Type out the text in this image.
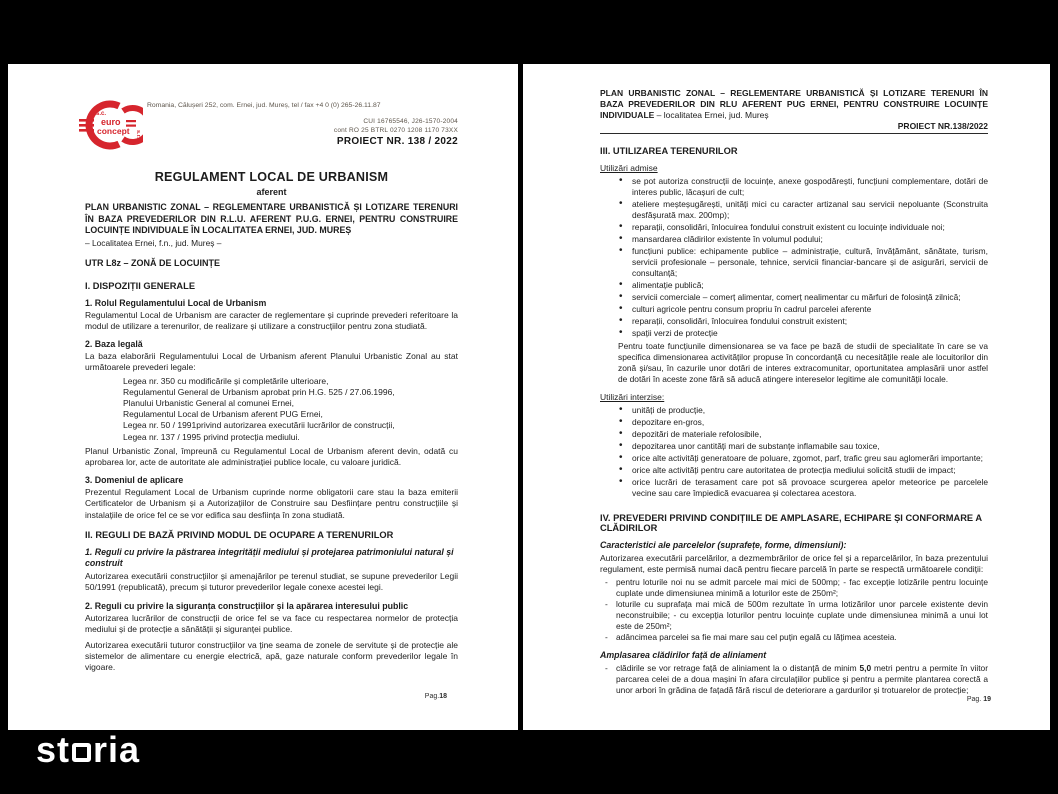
s.c.
euro
concept s.r.l.
Romania, Călușeri 252, com. Ernei, jud. Mureș, tel / fax +4 0 (0) 265-26.11.87
CUI 16765546, J26-1570-2004
cont RO 25 BTRL 0270 1208 1170 73XX
PROIECT NR. 138 / 2022
REGULAMENT LOCAL DE URBANISM
aferent

PLAN URBANISTIC ZONAL – REGLEMENTARE URBANISTICĂ ȘI LOTIZARE TERENURI ÎN BAZA PREVEDERILOR DIN R.L.U. AFERENT P.U.G. ERNEI, PENTRU CONSTRUIRE LOCUINȚE INDIVIDUALE ÎN LOCALITATEA ERNEI, JUD. MUREȘ

– Localitatea Ernei, f.n., jud. Mureș –
UTR L8z – ZONĂ DE LOCUINȚE
I. DISPOZIȚII GENERALE
1. Rolul Regulamentului Local de Urbanism

Regulamentul Local de Urbanism are caracter de reglementare și cuprinde prevederi referitoare la modul de utilizare a terenurilor, de realizare și utilizare a construcțiilor pentru zona studiată.

2. Baza legală

La baza elaborării Regulamentului Local de Urbanism aferent Planului Urbanistic Zonal au stat următoarele prevederi legale:

Legea nr. 350 cu modificările și completările ulterioare,
Regulamentul General de Urbanism aprobat prin H.G. 525 / 27.06.1996,
Planului Urbanistic General al comunei Ernei,
Regulamentul Local de Urbanism aferent PUG Ernei,
Legea nr. 50 / 1991privind autorizarea executării lucrărilor de construcții,
Legea nr. 137 / 1995 privind protecția mediului.

Planul Urbanistic Zonal, împreună cu Regulamentul Local de Urbanism aferent devin, odată cu aprobarea lor, acte de autoritate ale administrației publice locale, cu valoare juridică.

3. Domeniul de aplicare

Prezentul Regulament Local de Urbanism cuprinde norme obligatorii care stau la baza emiterii Certificatelor de Urbanism și a Autorizațiilor de Construire sau Desființare pentru construcțiile și instalațiile de orice fel ce se vor edifica sau desființa în zona studiată.

II. REGULI DE BAZĂ PRIVIND MODUL DE OCUPARE A TERENURILOR
1. Reguli cu privire la păstrarea integrității mediului și protejarea patrimoniului natural și construit

Autorizarea executării construcțiilor și amenajărilor pe terenul studiat, se supune prevederilor Legii 50/1991 (republicată), precum și tuturor prevederilor legale conexe acestei legi.

2. Reguli cu privire la siguranța construcțiilor și la apărarea interesului public

Autorizarea lucrărilor de construcții de orice fel se va face cu respectarea normelor de protecția mediului și de protecție a sănătății și siguranței publice.

Autorizarea executării tuturor construcțiilor va ține seama de zonele de servitute și de protecție ale sistemelor de alimentare cu energie electrică, apă, gaze naturale conform prevederilor legale în vigoare.

Pag.18

PLAN URBANISTIC ZONAL – REGLEMENTARE URBANISTICĂ ȘI LOTIZARE TERENURI ÎN BAZA PREVEDERILOR DIN RLU AFERENT PUG ERNEI, PENTRU CONSTRUIRE LOCUINȚE INDIVIDUALE – localitatea Ernei, jud. Mureș

PROIECT NR.138/2022
III. UTILIZAREA TERENURILOR
Utilizări admise
• se pot autoriza construcții de locuințe, anexe gospodărești, funcțiuni complementare, dotări de interes public, lăcașuri de cult;
• ateliere meșteșugărești, unități mici cu caracter artizanal sau servicii nepoluante (Sconstruita desfășurată max. 200mp);
• reparații, consolidări, înlocuirea fondului construit existent cu locuințe individuale noi;
• mansardarea clădirilor existente în volumul podului;
• funcțiuni publice: echipamente publice – administrație, cultură, învățământ, sănătate, turism, servicii profesionale – personale, tehnice, servicii financiar-bancare și de asigurări, servicii de consultanță;
• alimentație publică;
• servicii comerciale – comerț alimentar, comerț nealimentar cu mărfuri de folosință zilnică;
• culturi agricole pentru consum propriu în cadrul parcelei aferente
• reparații, consolidări, înlocuirea fondului construit existent;
• spații verzi de protecție

Pentru toate funcțiunile dimensionarea se va face pe bază de studii de specialitate în care se va specifica dimensionarea activităților propuse în concordanță cu necesitățile reale ale locuitorilor din zonă și/sau, în cazurile unor dotări de interes extracomunitar, oportunitatea amplasării unor astfel de dotări în aceste zone fără să aducă atingere intereselor legitime ale comunității locale.

Utilizări interzise:
• unități de producție,
• depozitare en-gros,
• depozitări de materiale refolosibile,
• depozitarea unor cantități mari de substanțe inflamabile sau toxice,
• orice alte activități generatoare de poluare, zgomot, parf, trafic greu sau aglomerări importante;
• orice alte activități pentru care autoritatea de protecția mediului solicită studii de impact;
• orice lucrări de terasament care pot să provoace scurgerea apelor meteorice pe parcelele vecine sau care împiedică evacuarea și colectarea acestora.
IV. PREVEDERI PRIVIND CONDIȚIILE DE AMPLASARE, ECHIPARE ȘI CONFORMARE A CLĂDIRILOR
Caracteristici ale parcelelor (suprafețe, forme, dimensiuni):

Autorizarea executării parcelărilor, a dezmembrărilor de orice fel și a reparcelărilor, în baza prezentului regulament, este permisă numai dacă pentru fiecare parcelă în parte se respectă următoarele condiții:

- pentru loturile noi nu se admit parcele mai mici de 500mp; - fac excepție lotizările pentru locuințe cuplate unde dimensiunea minimă a loturilor este de 250m²;
- loturile cu suprafața mai mică de 500m rezultate în urma lotizărilor unor parcele existente devin neconstruibile; - cu excepția loturilor pentru locuințe cuplate unde dimensiunea minimă a unui lot este de 250m²;
- adâncimea parcelei sa fie mai mare sau cel puțin egală cu lățimea acesteia.
Amplasarea clădirilor față de aliniament
- clădirile se vor retrage față de aliniament la o distanță de minim 5,0 metri pentru a permite în viitor parcarea celei de a doua mașini în afara circulațiilor publice și pentru a permite plantarea corectă a unor arbori în grădina de fațadă fără riscul de deteriorare a gardurilor și trotuarelor de protecție;
Pag. 19
st ria
